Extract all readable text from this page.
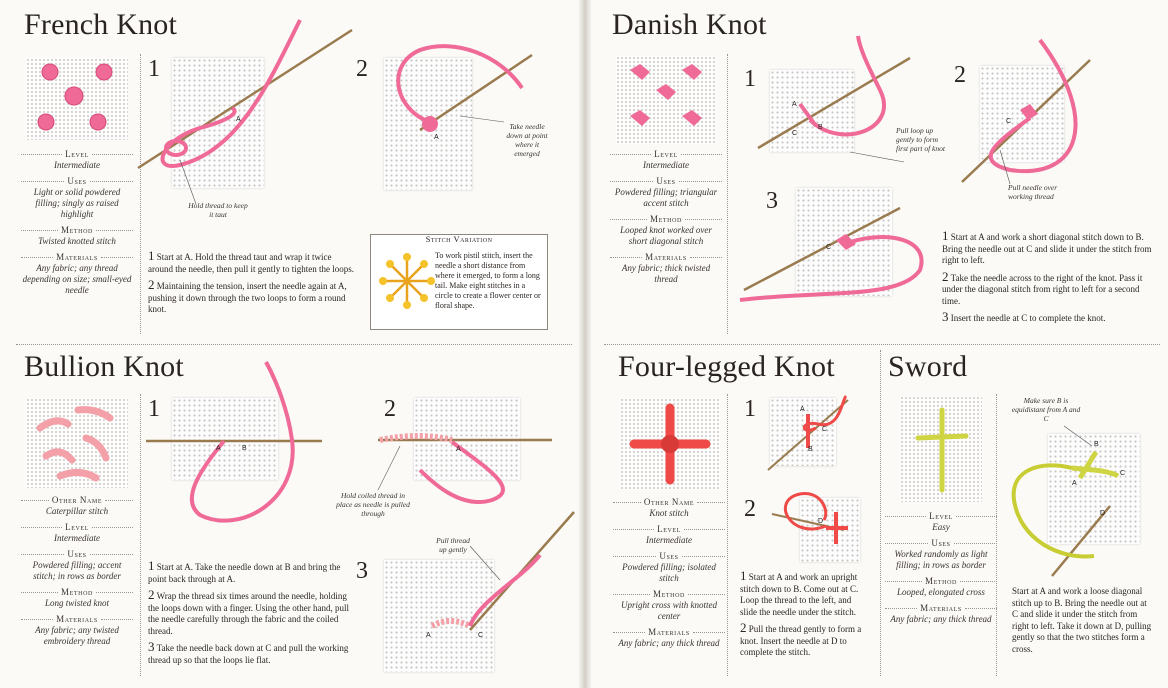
French Knot
Level
Intermediate
Uses
Light or solid powdered filling; singly as raised highlight
Method
Twisted knotted stitch
Materials
Any fabric; any thread depending on size; small-eyed needle
1
A
Hold thread to keep it taut
2
A
Take needle down at point where it emerged

1 Start at A. Hold the thread taut and wrap it twice around the needle, then pull it gently to tighten the loops.

2 Maintaining the tension, insert the needle again at A, pushing it down through the two loops to form a round knot.

Stitch Variation
To work pistil stitch, insert the needle a short distance from where it emerged, to form a long tail. Make eight stitches in a circle to create a flower center or floral shape.
Bullion Knot
Other Name
Caterpillar stitch
Level
Intermediate
Uses
Powdered filling; accent stitch; in rows as border
Method
Long twisted knot
Materials
Any fabric; any twisted embroidery thread
1
A	B
2
A
Hold coiled thread in place as needle is pulled through

1 Start at A. Take the needle down at B and bring the point back through at A.

2 Wrap the thread six times around the needle, holding the loops down with a finger. Using the other hand, pull the needle carefully through the fabric and the coiled thread.

3 Take the needle back down at C and pull the working thread up so that the loops lie flat.

3
Pull thread up gently
A	C
Danish Knot
Level
Intermediate
Uses
Powdered filling; triangular accent stitch
Method
Looped knot worked over short diagonal stitch
Materials
Any fabric; thick twisted thread
1
A
B
C	Pull loop up gently to form first part of knot
2
C
Pull needle over working thread
3
C

1 Start at A and work a short diagonal stitch down to B. Bring the needle out at C and slide it under the stitch from right to left.

2 Take the needle across to the right of the knot. Pass it under the diagonal stitch from right to left for a second time.

3 Insert the needle at C to complete the knot.

Four-legged Knot
Other Name
Knot stitch
Level
Intermediate
Uses
Powdered filling; isolated stitch
Method
Upright cross with knotted center
Materials
Any fabric; any thick thread
1	A
C
B
2	D

1 Start at A and work an upright stitch down to B. Come out at C. Loop the thread to the left, and slide the needle under the stitch.

2 Pull the thread gently to form a knot. Insert the needle at D to complete the stitch.

Sword
Level
Easy
Uses
Worked randomly as light filling; in rows as border
Method
Looped, elongated cross
Materials
Any fabric; any thick thread
Make sure B is equidistant from A and C
B
C
A
D
Start at A and work a loose diagonal stitch up to B. Bring the needle out at C and slide it under the stitch from right to left. Take it down at D, pulling gently so that the two stitches form a cross.
